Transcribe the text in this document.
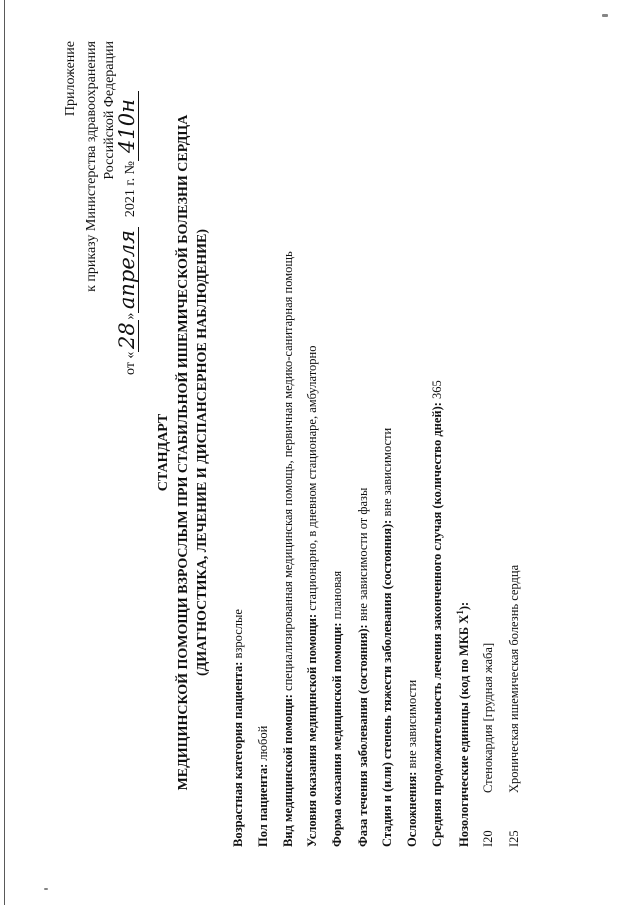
Приложение к приказу Министерства здравоохранения Российской Федерации
от «28»апреля 2021 г. №410н
СТАНДАРТ МЕДИЦИНСКОЙ ПОМОЩИ ВЗРОСЛЫМ ПРИ СТАБИЛЬНОЙ ИШЕМИЧЕСКОЙ БОЛЕЗНИ СЕРДЦА (ДИАГНОСТИКА, ЛЕЧЕНИЕ И ДИСПАНСЕРНОЕ НАБЛЮДЕНИЕ)
Возрастная категория пациента: взрослые
Пол пациента: любой Вид медицинской помощи: специализированная медицинская помощь, первичная медико-санитарная помощь
Условия оказания медицинской помощи: стационарно, в дневном стационаре, амбулаторно
Форма оказания медицинской помощи: плановая
Фаза течения заболевания (состояния): вне зависимости от фазы Стадия и (или) степень тяжести заболевания (состояния): вне зависимости
Осложнения: вне зависимости Средняя продолжительность лечения законченного случая (количество дней): 365
Нозологические единицы (код по МКБ $X^1$):
I20Стенокардия [грудная жаба]
I25Хроническая ишемическая болезнь сердца
